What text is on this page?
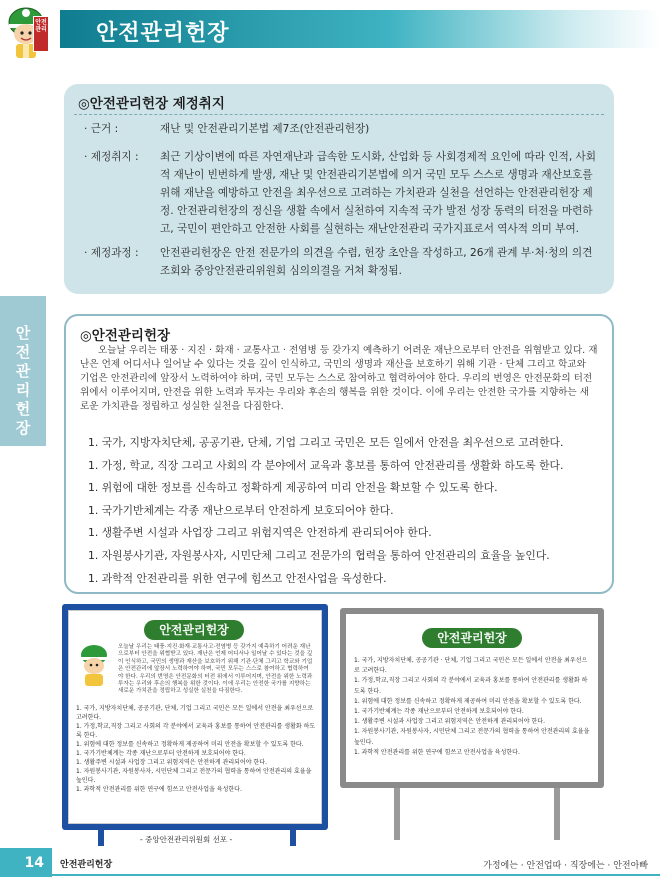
안전관리헌장
안전관리
안전관리헌장
◎안전관리헌장 제정취지
· 근거 :	재난 및 안전관리기본법 제7조(안전관리헌장)
· 제정취지 : 최근 기상이변에 따른 자연재난과 급속한 도시화, 산업화 등 사회경제적 요인에 따라 인적, 사회적 재난이 빈번하게 발생, 재난 및 안전관리기본법에 의거 국민 모두 스스로 생명과 재산보호를 위해 재난을 예방하고 안전을 최우선으로 고려하는 가치관과 실천을 선언하는 안전관리헌장 제정. 안전관리헌장의 정신을 생활 속에서 실천하여 지속적 국가 발전 성장 동력의 터전을 마련하고, 국민이 편안하고 안전한 사회를 실현하는 재난안전관리 국가지표로서 역사적 의미 부여.
· 제정과정 : 안전관리헌장은 안전 전문가의 의견을 수렴, 헌장 초안을 작성하고, 26개 관계 부·처·청의 의견 조회와 중앙안전관리위원회 심의의결을 거쳐 확정됨.
◎안전관리헌장

오늘날 우리는 태풍 · 지진 · 화재 · 교통사고 · 전염병 등 갖가지 예측하기 어려운 재난으로부터 안전을 위협받고 있다. 재난은 언제 어디서나 일어날 수 있다는 것을 깊이 인식하고, 국민의 생명과 재산을 보호하기 위해 기관 · 단체 그리고 학교와 기업은 안전관리에 앞장서 노력하여야 하며, 국민 모두는 스스로 참여하고 협력하여야 한다. 우리의 번영은 안전문화의 터전 위에서 이루어지며, 안전을 위한 노력과 투자는 우리와 후손의 행복을 위한 것이다. 이에 우리는 안전한 국가를 지향하는 새로운 가치관을 정립하고 성실한 실천을 다짐한다.

1. 국가, 지방자치단체, 공공기관, 단체, 기업 그리고 국민은 모든 일에서 안전을 최우선으로 고려한다.
1. 가정, 학교, 직장 그리고 사회의 각 분야에서 교육과 홍보를 통하여 안전관리를 생활화 하도록 한다.
1. 위험에 대한 정보를 신속하고 정확하게 제공하여 미리 안전을 확보할 수 있도록 한다.
1. 국가기반체계는 각종 재난으로부터 안전하게 보호되어야 한다.
1. 생활주변 시설과 사업장 그리고 위험지역은 안전하게 관리되어야 한다.
1. 자원봉사기관, 자원봉사자, 시민단체 그리고 전문가의 협력을 통하여 안전관리의 효율을 높인다.
1. 과학적 안전관리를 위한 연구에 힘쓰고 안전사업을 육성한다.
안전관리헌장
오늘날 우리는 태풍·지진·화재·교통사고·전염병 등 갖가지 예측하기 어려운 재난으로부터 안전을 위협받고 있다. 재난은 언제 어디서나 일어날 수 있다는 것을 깊이 인식하고, 국민의 생명과 재산을 보호하기 위해 기관·단체 그리고 학교와 기업은 안전관리에 앞장서 노력하여야 하며, 국민 모두는 스스로 참여하고 협력하여야 한다. 우리의 번영은 안전문화의 터전 위에서 이루어지며, 안전을 위한 노력과 투자는 우리와 후손의 행복을 위한 것이다. 이에 우리는 안전한 국가를 지향하는 새로운 가치관을 정립하고 성실한 실천을 다짐한다.
1. 국가, 지방자치단체, 공공기관, 단체, 기업 그리고 국민은 모든 일에서 안전을 최우선으로 고려한다.
1. 가정,학교,직장 그리고 사회의 각 분야에서 교육과 홍보를 통하여 안전관리를 생활화 하도록 한다.
1. 위험에 대한 정보를 신속하고 정확하게 제공하여 미리 안전을 확보할 수 있도록 한다.
1. 국가기반체계는 각종 재난으로부터 안전하게 보호되어야 한다.
1. 생활주변 시설과 사업장 그리고 위험지역은 안전하게 관리되어야 한다.
1. 자원봉사기관, 자원봉사자, 시민단체 그리고 전문가의 협력을 통하여 안전관리의 효율을 높인다.
1. 과학적 안전관리를 위한 연구에 힘쓰고 안전사업을 육성한다.
- 중앙안전관리위원회 선포 -
안전관리헌장
1. 국가, 지방자치단체, 공공기관 · 단체, 기업 그리고 국민은 모든 일에서 안전을 최우선으로 고려한다.
1. 가정,학교,직장 그리고 사회의 각 분야에서 교육과 홍보를 통하여 안전관리를 생활화 하도록 한다.
1. 위험에 대한 정보를 신속하고 정확하게 제공하여 미리 안전을 확보할 수 있도록 한다.
1. 국가기반체계는 각종 재난으로부터 안전하게 보호되어야 한다.
1. 생활주변 시설과 사업장 그리고 위험지역은 안전하게 관리되어야 한다.
1. 자원봉사기관, 자원봉사자, 시민단체 그리고 전문가의 협력을 통하여 안전관리의 효율을 높인다.
1. 과학적 안전관리를 위한 연구에 힘쓰고 안전사업을 육성한다.
14	안전관리헌장	가정에는 · 안전업따 · 직장에는 · 안전아빠
